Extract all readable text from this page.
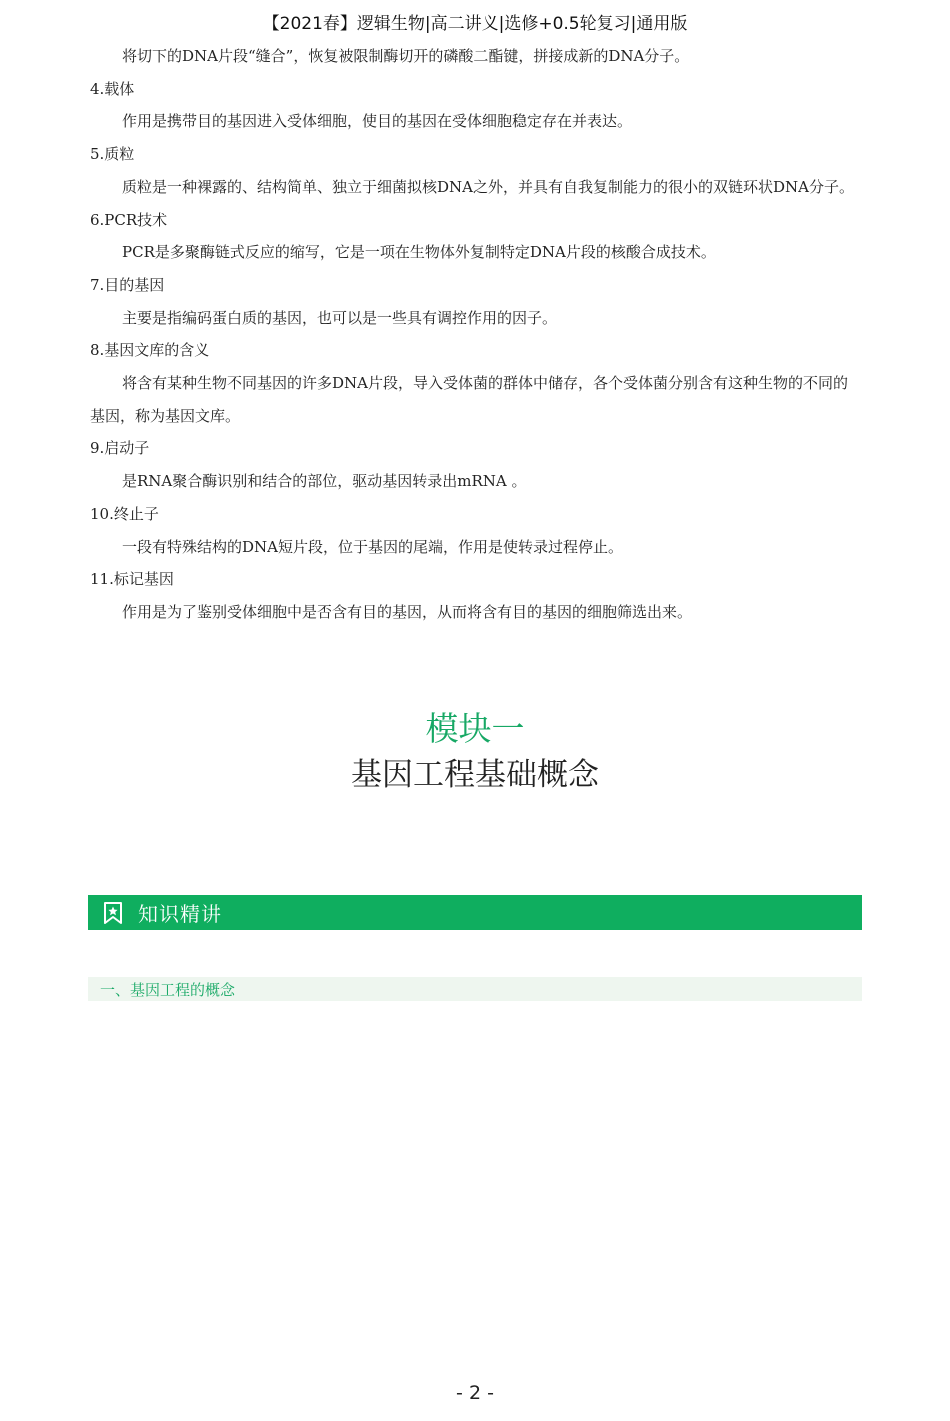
【2021春】逻辑生物|高二讲义|选修+0.5轮复习|通用版

将切下的DNA片段“缝合”，恢复被限制酶切开的磷酸二酯键，拼接成新的DNA分子。

4.载体

作用是携带目的基因进入受体细胞，使目的基因在受体细胞稳定存在并表达。

5.质粒

质粒是一种裸露的、结构简单、独立于细菌拟核DNA之外，并具有自我复制能力的很小的双链环状DNA分子。

6.PCR技术

PCR是多聚酶链式反应的缩写，它是一项在生物体外复制特定DNA片段的核酸合成技术。

7.目的基因

主要是指编码蛋白质的基因，也可以是一些具有调控作用的因子。

8.基因文库的含义

将含有某种生物不同基因的许多DNA片段，导入受体菌的群体中储存，各个受体菌分别含有这种生物的不同的基因，称为基因文库。

9.启动子

是RNA聚合酶识别和结合的部位，驱动基因转录出mRNA 。

10.终止子

一段有特殊结构的DNA短片段，位于基因的尾端，作用是使转录过程停止。

11.标记基因

作用是为了鉴别受体细胞中是否含有目的基因，从而将含有目的基因的细胞筛选出来。

模块一
基因工程基础概念
知识精讲
一、基因工程的概念
- 2 -
